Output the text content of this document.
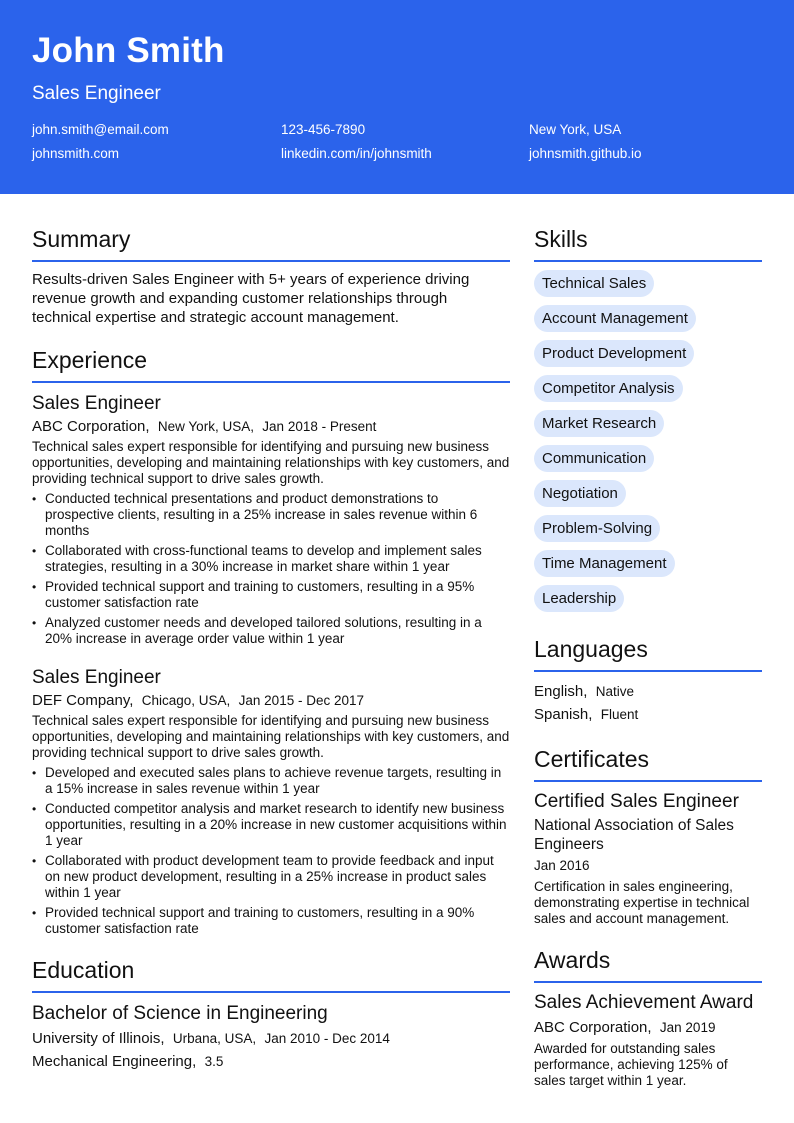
John Smith
Sales Engineer
john.smith@email.com	123-456-7890	New York, USA
johnsmith.com	linkedin.com/in/johnsmith	johnsmith.github.io
Summary
Results-driven Sales Engineer with 5+ years of experience driving revenue growth and expanding customer relationships through technical expertise and strategic account management.
Experience
Sales Engineer
ABC Corporation, New York, USA, Jan 2018 - Present
Technical sales expert responsible for identifying and pursuing new business opportunities, developing and maintaining relationships with key customers, and providing technical support to drive sales growth.
• Conducted technical presentations and product demonstrations to prospective clients, resulting in a 25% increase in sales revenue within 6 months
• Collaborated with cross-functional teams to develop and implement sales strategies, resulting in a 30% increase in market share within 1 year
• Provided technical support and training to customers, resulting in a 95% customer satisfaction rate
• Analyzed customer needs and developed tailored solutions, resulting in a 20% increase in average order value within 1 year
Sales Engineer
DEF Company, Chicago, USA, Jan 2015 - Dec 2017
Technical sales expert responsible for identifying and pursuing new business opportunities, developing and maintaining relationships with key customers, and providing technical support to drive sales growth.
• Developed and executed sales plans to achieve revenue targets, resulting in a 15% increase in sales revenue within 1 year
• Conducted competitor analysis and market research to identify new business opportunities, resulting in a 20% increase in new customer acquisitions within 1 year
• Collaborated with product development team to provide feedback and input on new product development, resulting in a 25% increase in product sales within 1 year
• Provided technical support and training to customers, resulting in a 90% customer satisfaction rate
Education
Bachelor of Science in Engineering
University of Illinois, Urbana, USA, Jan 2010 - Dec 2014
Mechanical Engineering, 3.5
Skills
Technical Sales
Account Management
Product Development
Competitor Analysis
Market Research
Communication
Negotiation
Problem-Solving
Time Management
Leadership
Languages
English, Native
Spanish, Fluent
Certificates
Certified Sales Engineer
National Association of Sales Engineers
Jan 2016
Certification in sales engineering, demonstrating expertise in technical sales and account management.
Awards
Sales Achievement Award
ABC Corporation, Jan 2019
Awarded for outstanding sales performance, achieving 125% of sales target within 1 year.
